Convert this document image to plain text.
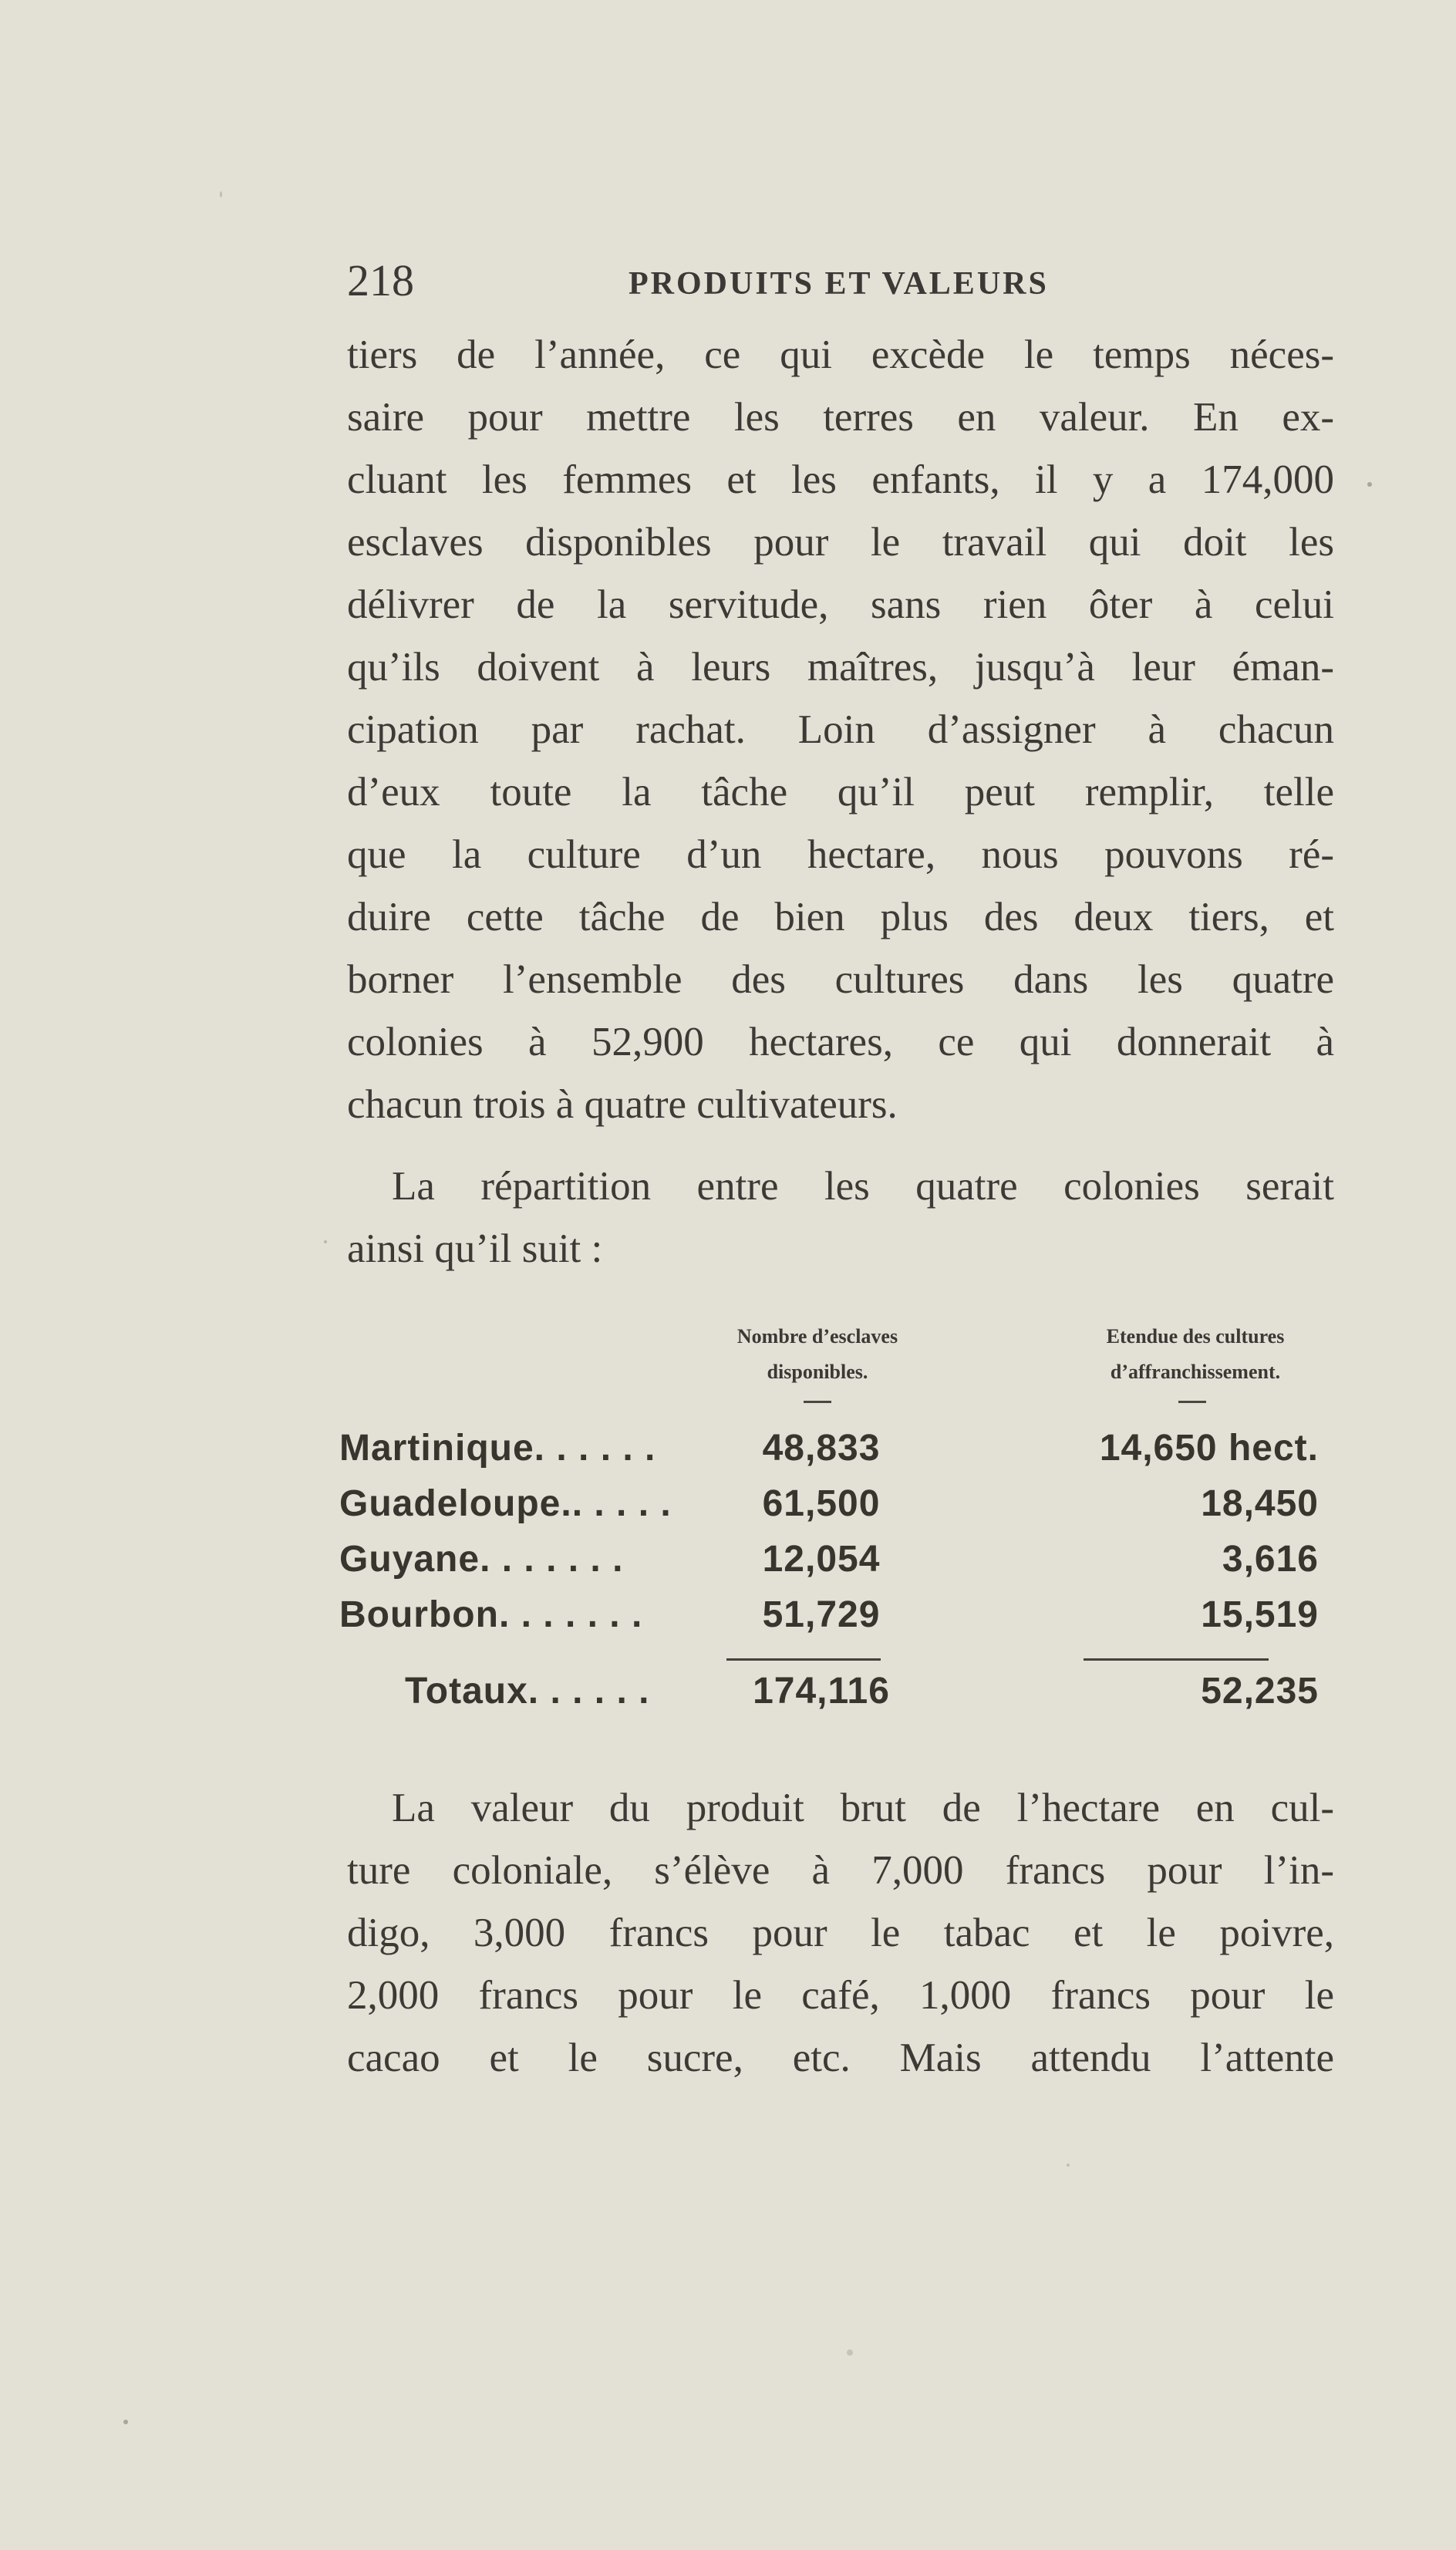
218	PRODUITS ET VALEURS
tiers de l’année, ce qui excède le temps néces-
saire pour mettre les terres en valeur. En ex-
cluant les femmes et les enfants, il y a 174,000
esclaves disponibles pour le travail qui doit les
délivrer de la servitude, sans rien ôter à celui
qu’ils doivent à leurs maîtres, jusqu’à leur éman-
cipation par rachat. Loin d’assigner à chacun
d’eux toute la tâche qu’il peut remplir, telle
que la culture d’un hectare, nous pouvons ré-
duire cette tâche de bien plus des deux tiers, et
borner l’ensemble des cultures dans les quatre
colonies à 52,900 hectares, ce qui donnerait à
chacun trois à quatre cultivateurs.
La répartition entre les quatre colonies serait
ainsi qu’il suit :
Nombre d’esclaves
disponibles.
Etendue des cultures
d’affranchissement.
Martinique. . . . . .	48,833	14,650 hect.
Guadeloupe.. . . . .	61,500	18,450
Guyane. . . . . . .	12,054	3,616
Bourbon. . . . . . .	51,729	15,519
Totaux. . . . . .	174,116	52,235
La valeur du produit brut de l’hectare en cul-
ture coloniale, s’élève à 7,000 francs pour l’in-
digo, 3,000 francs pour le tabac et le poivre,
2,000 francs pour le café, 1,000 francs pour le
cacao et le sucre, etc. Mais attendu l’attente
